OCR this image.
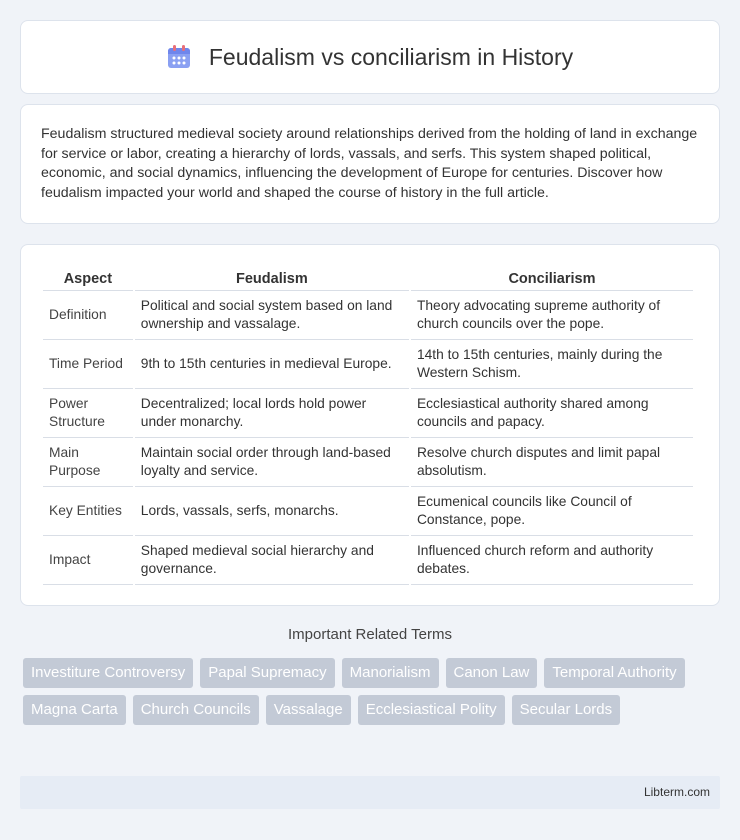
Feudalism vs conciliarism in History

Feudalism structured medieval society around relationships derived from the holding of land in exchange for service or labor, creating a hierarchy of lords, vassals, and serfs. This system shaped political, economic, and social dynamics, influencing the development of Europe for centuries. Discover how feudalism impacted your world and shaped the course of history in the full article.

Aspect	Feudalism	Conciliarism
Definition	Political and social system based on land ownership and vassalage.	Theory advocating supreme authority of church councils over the pope.
Time Period	9th to 15th centuries in medieval Europe.	14th to 15th centuries, mainly during the Western Schism.
Power Structure	Decentralized; local lords hold power under monarchy.	Ecclesiastical authority shared among councils and papacy.
Main Purpose	Maintain social order through land-based loyalty and service.	Resolve church disputes and limit papal absolutism.
Key Entities	Lords, vassals, serfs, monarchs.	Ecumenical councils like Council of Constance, pope.
Impact	Shaped medieval social hierarchy and governance.	Influenced church reform and authority debates.
Important Related Terms
Investiture Controversy	Papal Supremacy	Manorialism	Canon Law	Temporal Authority
Magna Carta	Church Councils	Vassalage	Ecclesiastical Polity	Secular Lords
Libterm.com
